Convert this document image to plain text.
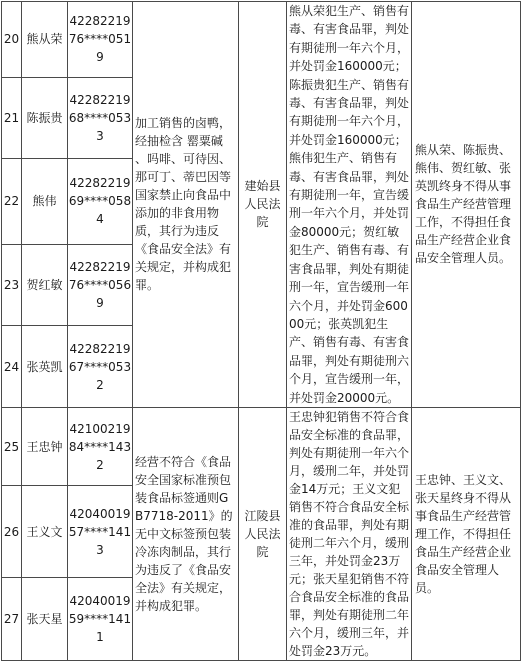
20	熊从荣	4228221976****0519	加工销售的卤鸭，经抽检含 罂粟碱 、吗啡、可待因、那可丁、蒂巴因等国家禁止向食品中添加的非食用物质，其行为违反《食品安全法》有关规定，并构成犯罪。	建始县人民法院	熊从荣犯生产、销售有毒、有害食品罪，判处有期徒刑一年六个月，并处罚金160000元；陈振贵犯生产、销售有毒、有害食品罪，判处有期徒刑一年六个月，并处罚金160000元；熊伟犯生产、销售有毒、有害食品罪，判处有期徒刑一年，宣告缓刑一年六个月，并处罚金80000元；贺红敏犯生产、销售有毒、有害食品罪，判处有期徒刑一年，宣告缓刑一年六个月，并处罚金60000元；张英凯犯生产、销售有毒、有害食品罪，判处有期徒刑六个月，宣告缓刑一年，并处罚金20000元。	熊从荣、陈振贵、熊伟、贺红敏、张英凯终身不得从事食品生产经营管理工作，不得担任食品生产经营企业食品安全管理人员。
21	陈振贵	4228221968****0533				
22	熊伟	4228221969****0584				
23	贺红敏	4228221976****0569				
24	张英凯	4228221967****0532				
25	王忠钟	4210021984****1432	经营不符合《食品安全国家标准预包装食品标签通则GB7718-2011》的无中文标签预包装冷冻肉制品，其行为违反了《食品安全法》有关规定，并构成犯罪。	江陵县人民法院	王忠钟犯销售不符合食品安全标准的食品罪，判处有期徒刑一年六个月，缓刑二年，并处罚金14万元；王义文犯销售不符合食品安全标准的食品罪，判处有期徒刑二年六个月，缓刑三年，并处罚金23万元；张天星犯销售不符合食品安全标准的食品罪，判处有期徒刑二年六个月，缓刑三年，并处罚金23万元。	王忠钟、王义文、张天星终身不得从事食品生产经营管理工作，不得担任食品生产经营企业食品安全管理人员。
26	王义文	4204001957****1413				
27	张天星	4204001959****1411				
